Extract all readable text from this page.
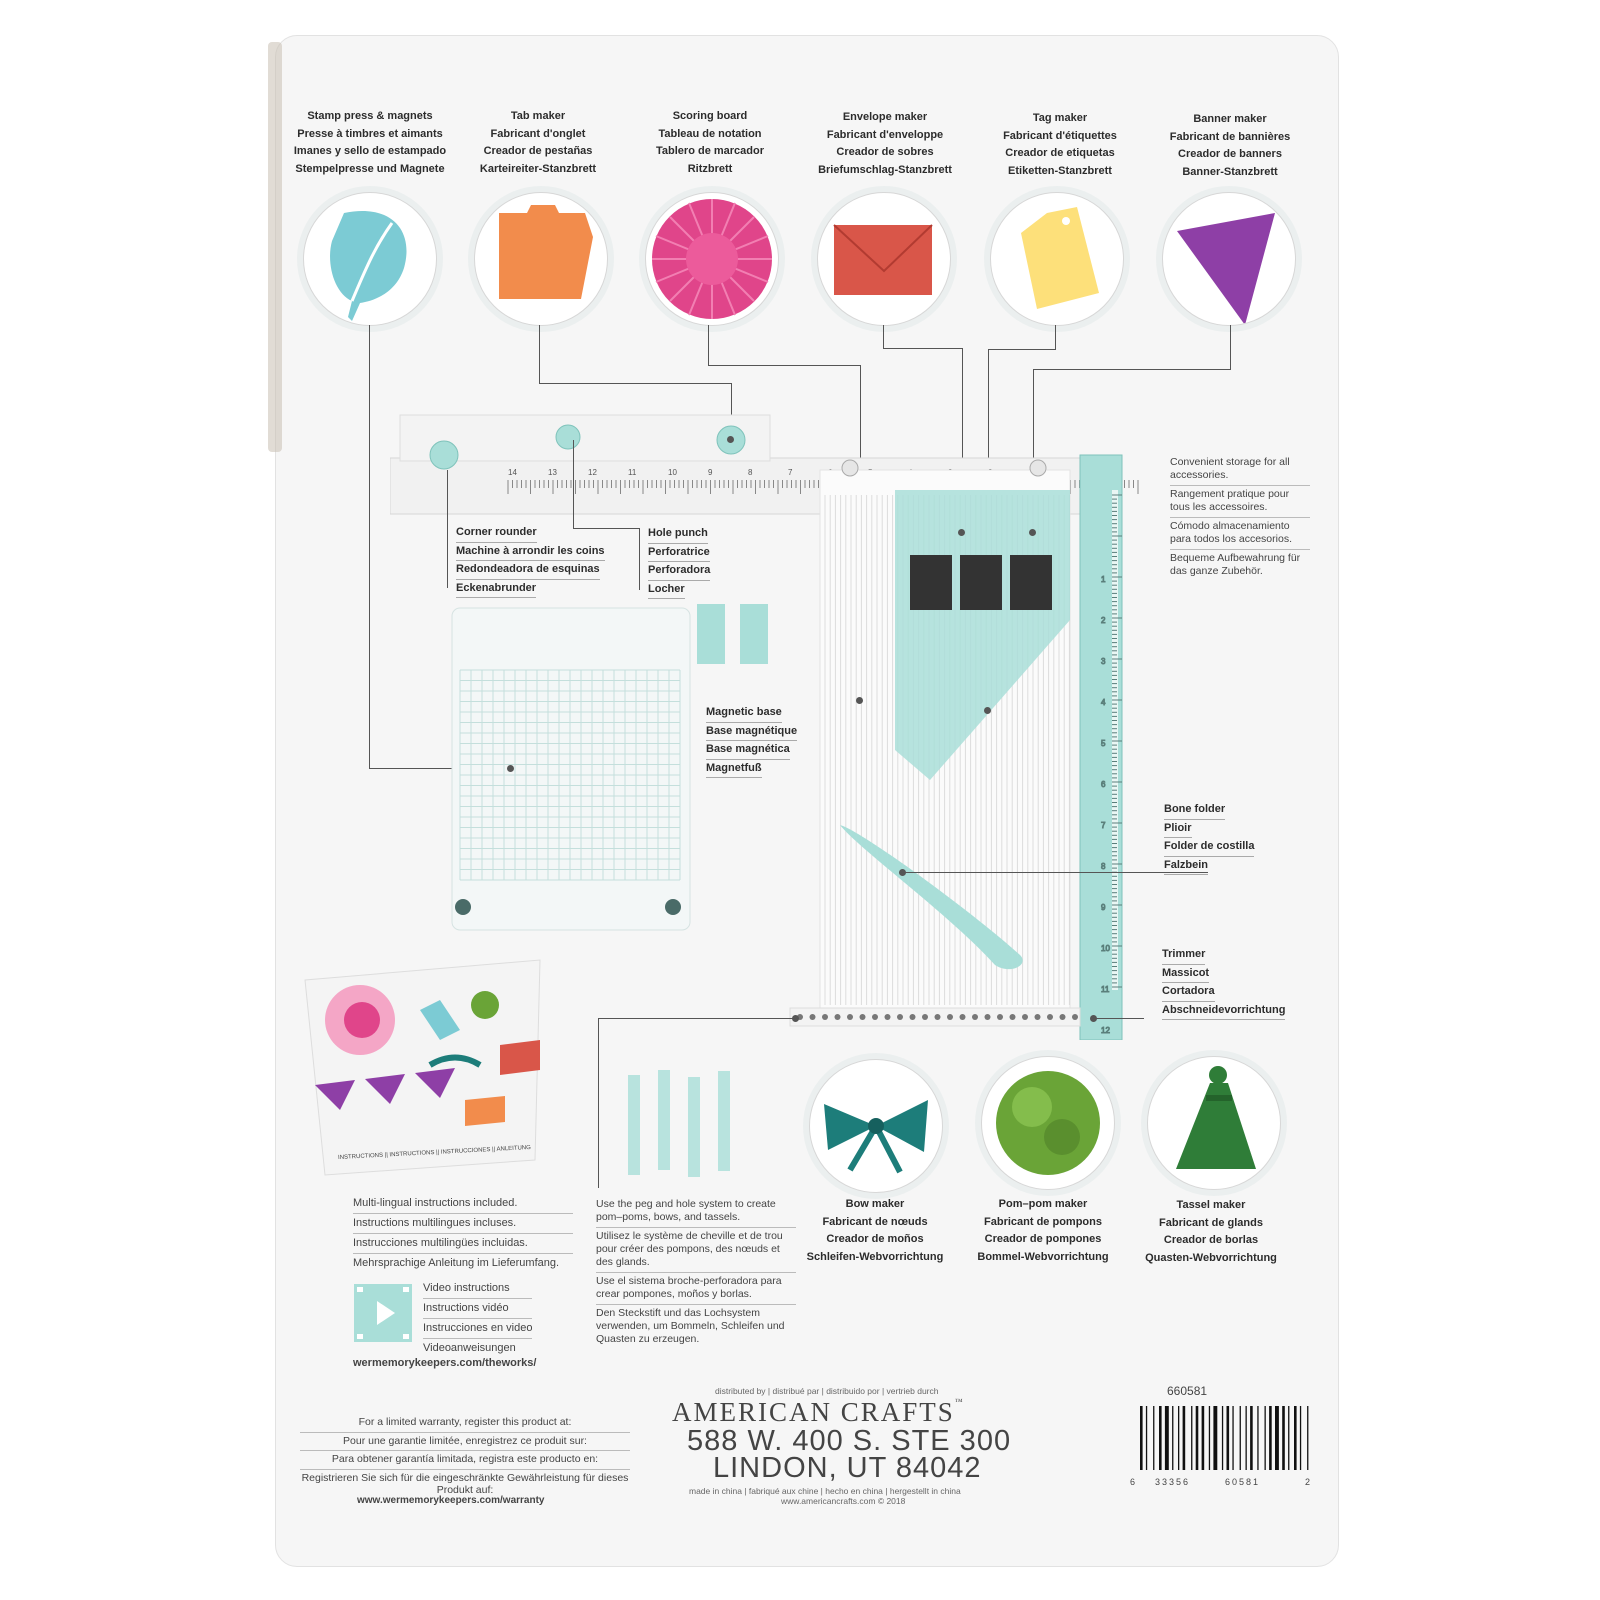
Stamp press & magnets
Presse à timbres et aimants
Imanes y sello de estampado
Stempelpresse und Magnete
Tab maker
Fabricant d'onglet
Creador de pestañas
Karteireiter-Stanzbrett
Scoring board
Tableau de notation
Tablero de marcador
Ritzbrett
Envelope maker
Fabricant d'enveloppe
Creador de sobres
Briefumschlag-Stanzbrett
Tag maker
Fabricant d'étiquettes
Creador de etiquetas
Etiketten-Stanzbrett
Banner maker
Fabricant de bannières
Creador de banners
Banner-Stanzbrett
14	13	12	11	10	9	8	7
1
2
3
4
5
6
7
8
9
10
11
12
Corner rounder
Machine à arrondir les coins
Redondeadora de esquinas
Eckenabrunder
Hole punch
Perforatrice
Perforadora
Locher
Magnetic base
Base magnétique
Base magnética
Magnetfuß
Bone folder
Plioir
Folder de costilla
Falzbein
Trimmer
Massicot
Cortadora
Abschneidevorrichtung
Convenient storage for all accessories.
Rangement pratique pour tous les accessoires.
Cómodo almacenamiento para todos los accesorios.
Bequeme Aufbewahrung für das ganze Zubehör.
INSTRUCTIONS || INSTRUCTIONS || INSTRUCCIONES || ANLEITUNG
Bow maker
Fabricant de nœuds
Creador de moños
Schleifen-Webvorrichtung
Pom–pom maker
Fabricant de pompons
Creador de pompones
Bommel-Webvorrichtung
Tassel maker
Fabricant de glands
Creador de borlas
Quasten-Webvorrichtung
Multi-lingual instructions included.
Instructions multilingues incluses.
Instrucciones multilingües incluidas.
Mehrsprachige Anleitung im Lieferumfang.
Video instructions
Instructions vidéo
Instrucciones en video
Videoanweisungen
wermemorykeepers.com/theworks/
Use the peg and hole system to create pom–poms, bows, and tassels.
Utilisez le système de cheville et de trou pour créer des pompons, des nœuds et des glands.
Use el sistema broche-perforadora para crear pompones, moños y borlas.
Den Steckstift und das Lochsystem verwenden, um Bommeln, Schleifen und Quasten zu erzeugen.
For a limited warranty, register this product at:
Pour une garantie limitée, enregistrez ce produit sur:
Para obtener garantía limitada, registra este producto en:
Registrieren Sie sich für die eingeschränkte Gewährleistung für dieses Produkt auf:
www.wermemorykeepers.com/warranty
distributed by | distribué par | distribuido por | vertrieb durch
AMERICAN CRAFTS™
588 W. 400 S. STE 300
LINDON, UT 84042
made in china | fabriqué aux chine | hecho en china | hergestellt in china
www.americancrafts.com © 2018
660581
6 33356	60581	2
